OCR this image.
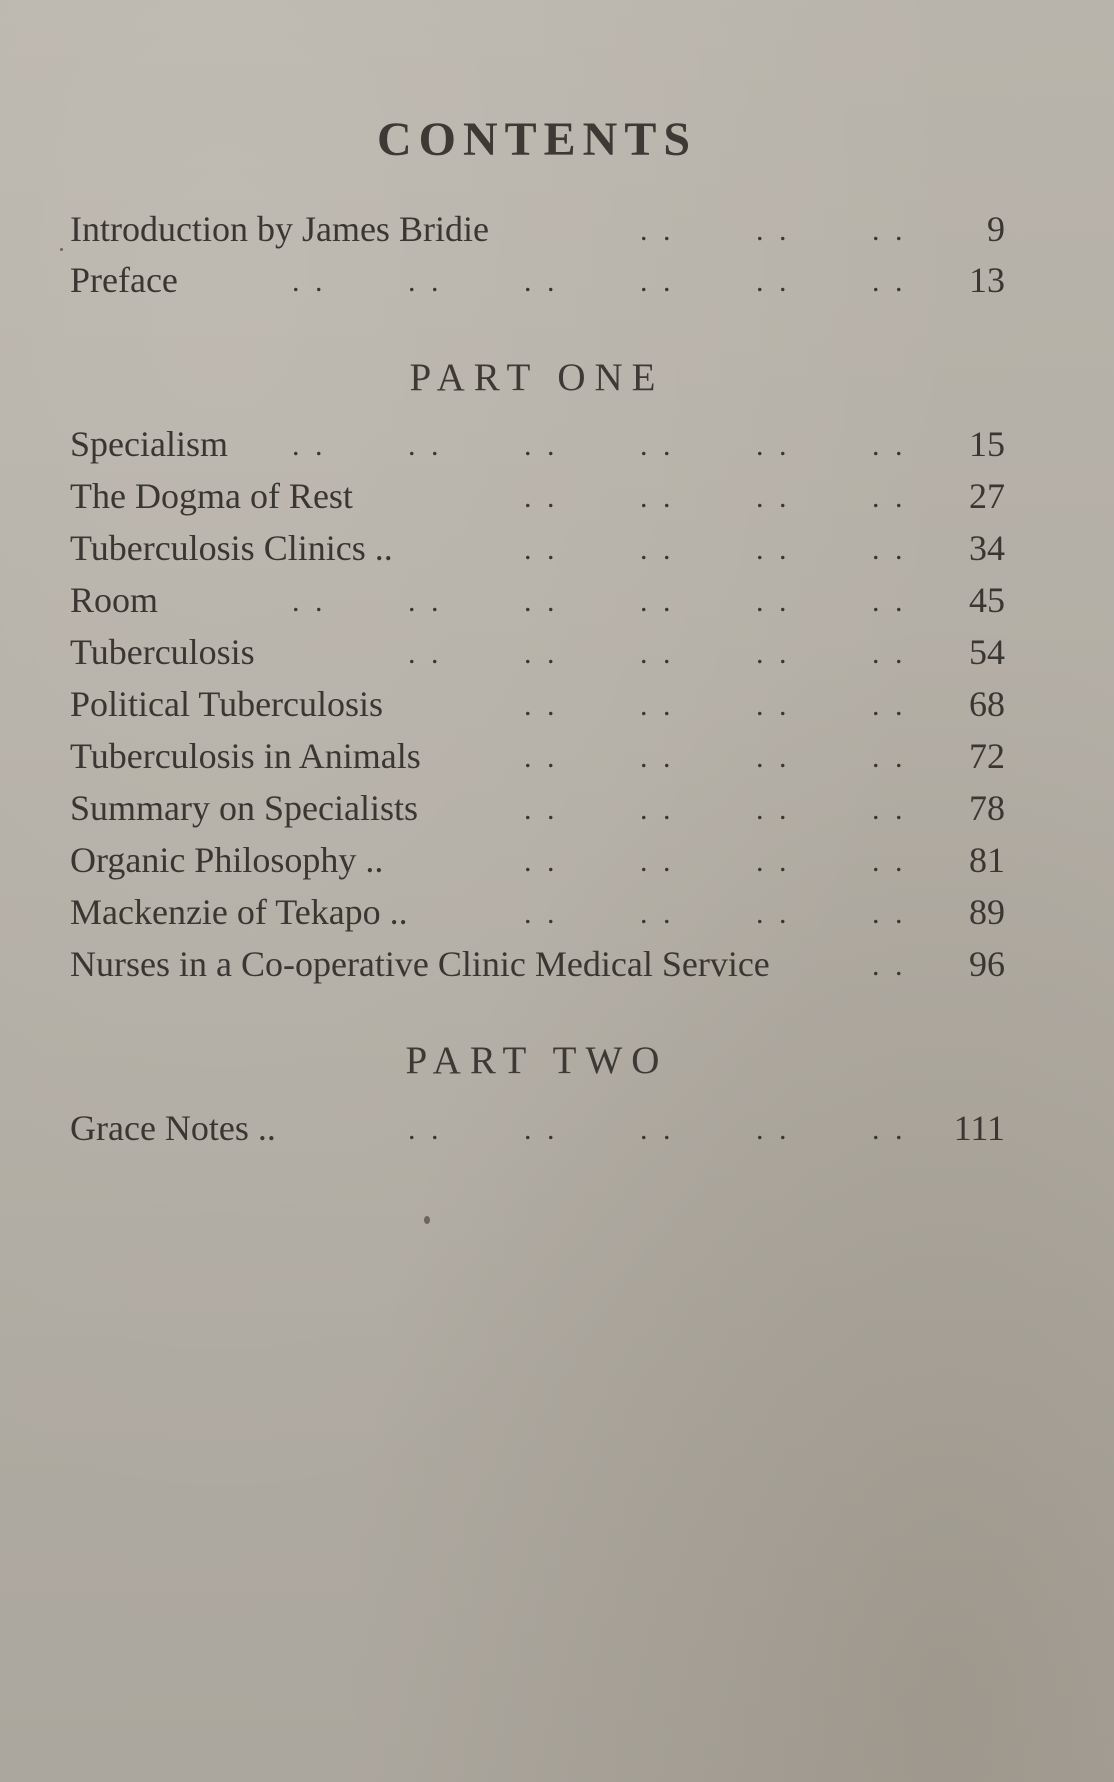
CONTENTS
Introduction by James Bridie	. .	. .	. . 9
Preface	. .	. .	. .	. .	. .	. . 13
PART ONE
Specialism . .	. .	. .	. .	. .	. . 15
The Dogma of Rest	. .	. .	. .	. . 27
Tuberculosis Clinics ..	. .	. .	. .	. . 34
Room	. .	. .	. .	. .	. .	. . 45
Tuberculosis	. .	. .	. .	. .	. . 54
Political Tuberculosis	. .	. .	. .	. . 68
Tuberculosis in Animals	. .	. .	. .	. . 72
Summary on Specialists	. .	. .	. .	. . 78
Organic Philosophy ..	. .	. .	. .	. . 81
Mackenzie of Tekapo ..	. .	. .	. .	. . 89
Nurses in a Co-operative Clinic Medical Service	. . 96
PART TWO
Grace Notes ..	. .	. .	. .	. .	. . 111
